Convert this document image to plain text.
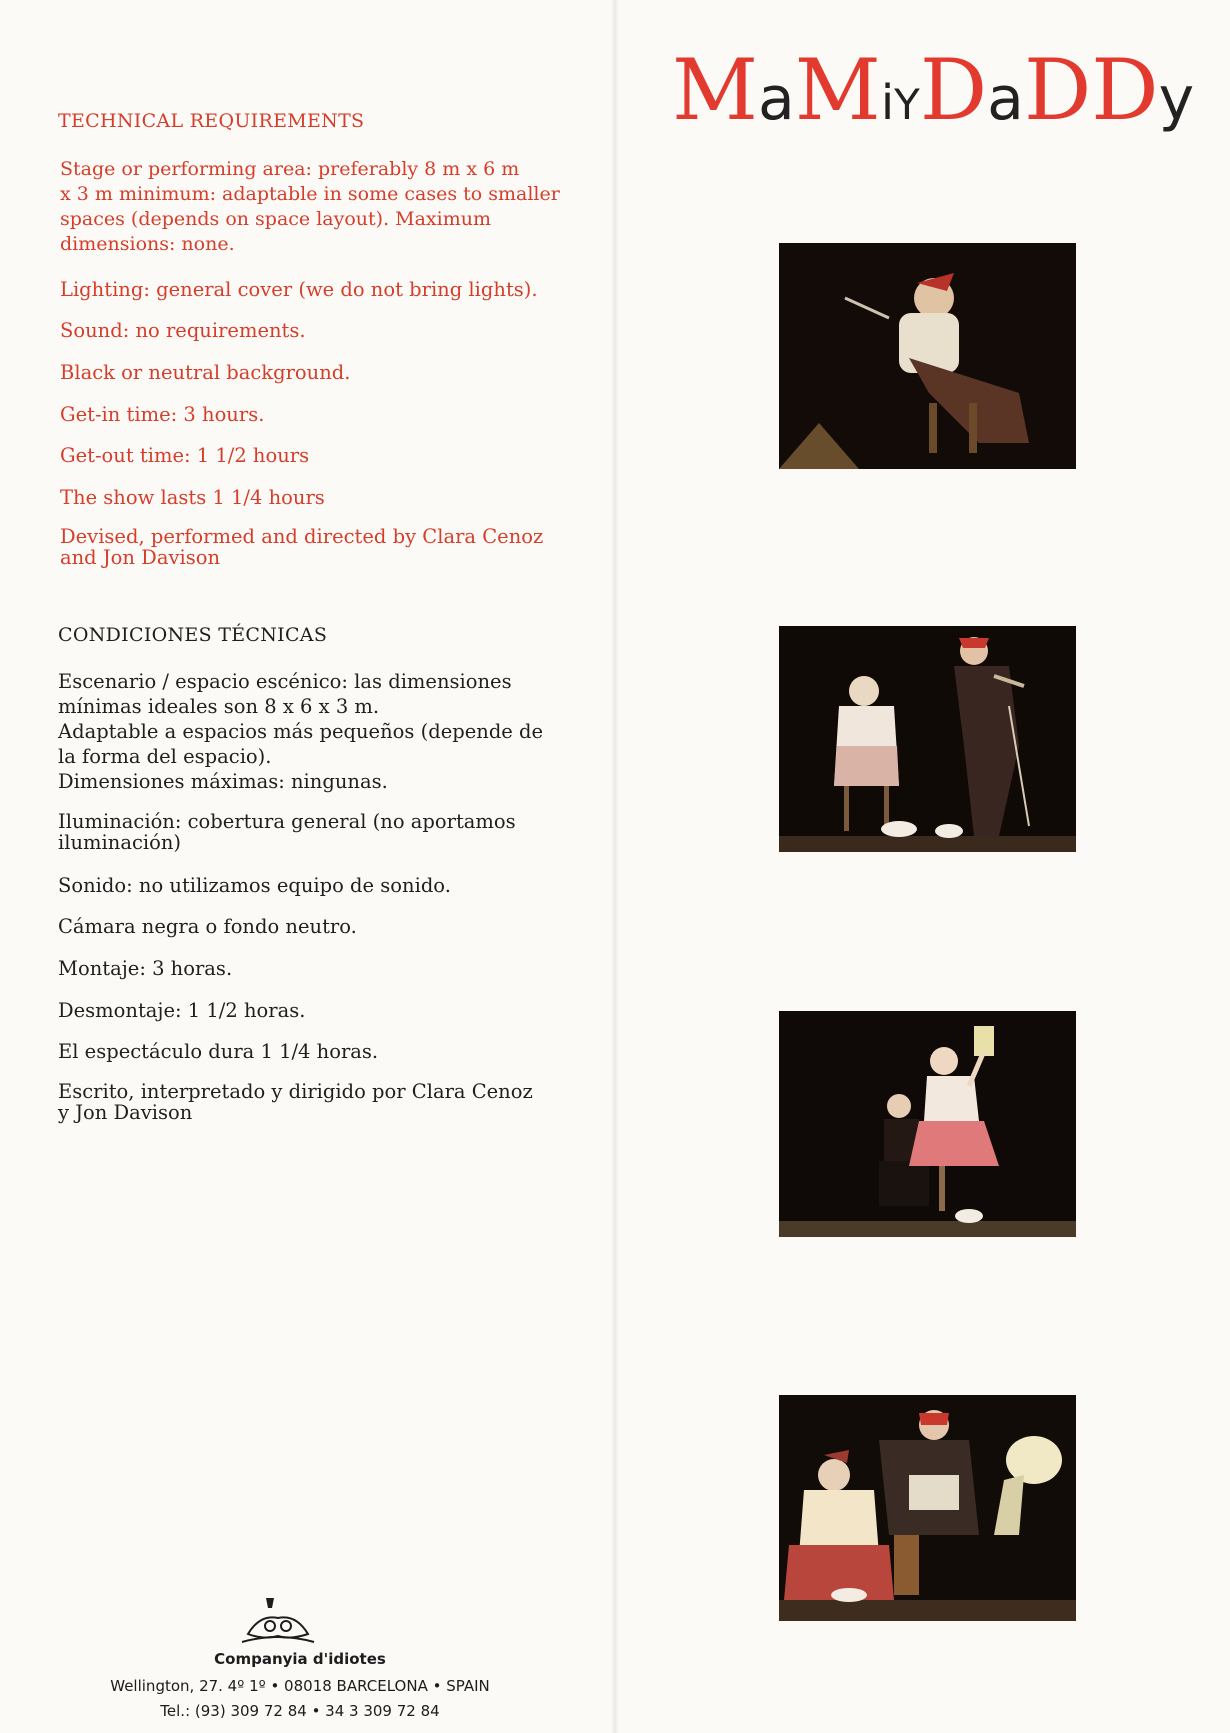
MaMiYDaDDy
TECHNICAL REQUIREMENTS
Stage or performing area: preferably 8 m x 6 m
x 3 m minimum: adaptable in some cases to smaller
spaces (depends on space layout). Maximum
dimensions: none.
Lighting: general cover (we do not bring lights).
Sound: no requirements.
Black or neutral background.
Get-in time: 3 hours.
Get-out time: 1 1/2 hours
The show lasts 1 1/4 hours
Devised, performed and directed by Clara Cenoz
and Jon Davison
CONDICIONES TÉCNICAS
Escenario / espacio escénico: las dimensiones
mínimas ideales son 8 x 6 x 3 m.
Adaptable a espacios más pequeños (depende de
la forma del espacio).
Dimensiones máximas: ningunas.
Iluminación: cobertura general (no aportamos
iluminación)
Sonido: no utilizamos equipo de sonido.
Cámara negra o fondo neutro.
Montaje: 3 horas.
Desmontaje: 1 1/2 horas.
El espectáculo dura 1 1/4 horas.
Escrito, interpretado y dirigido por Clara Cenoz
y Jon Davison
Companyia d'idiotes
Wellington, 27. 4º 1º • 08018 BARCELONA • SPAIN
Tel.: (93) 309 72 84 • 34 3 309 72 84
